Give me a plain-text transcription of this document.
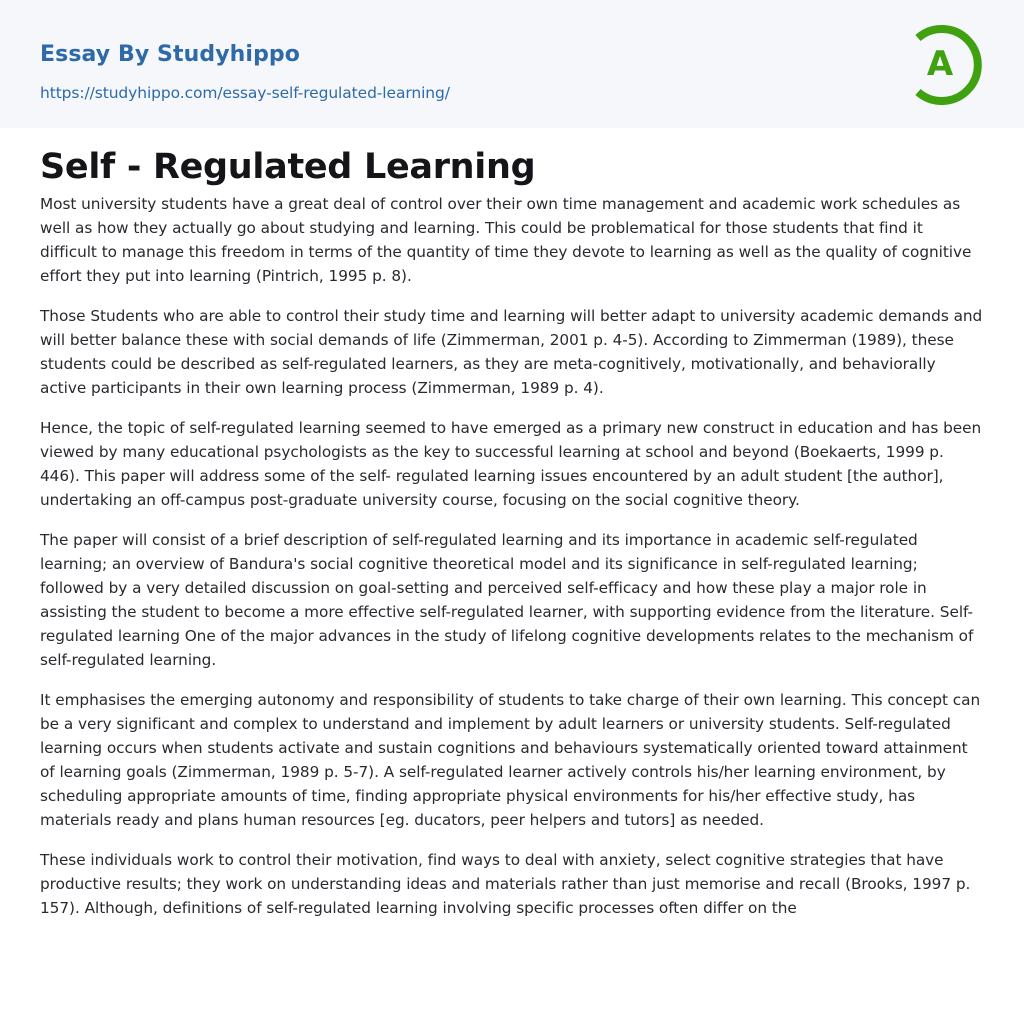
Essay By Studyhippo
https://studyhippo.com/essay-self-regulated-learning/
A
Self - Regulated Learning

Most university students have a great deal of control over their own time management and academic work schedules as well as how they actually go about studying and learning. This could be problematical for those students that find it difficult to manage this freedom in terms of the quantity of time they devote to learning as well as the quality of cognitive effort they put into learning (Pintrich, 1995 p. 8).

Those Students who are able to control their study time and learning will better adapt to university academic demands and will better balance these with social demands of life (Zimmerman, 2001 p. 4-5). According to Zimmerman (1989), these students could be described as self-regulated learners, as they are meta-cognitively, motivationally, and behaviorally active participants in their own learning process (Zimmerman, 1989 p. 4).

Hence, the topic of self-regulated learning seemed to have emerged as a primary new construct in education and has been viewed by many educational psychologists as the key to successful learning at school and beyond (Boekaerts, 1999 p. 446). This paper will address some of the self- regulated learning issues encountered by an adult student [the author], undertaking an off-campus post-graduate university course, focusing on the social cognitive theory.

The paper will consist of a brief description of self-regulated learning and its importance in academic self-regulated learning; an overview of Bandura's social cognitive theoretical model and its significance in self-regulated learning; followed by a very detailed discussion on goal-setting and perceived self-efficacy and how these play a major role in assisting the student to become a more effective self-regulated learner, with supporting evidence from the literature. Self- regulated learning One of the major advances in the study of lifelong cognitive developments relates to the mechanism of self-regulated learning.

It emphasises the emerging autonomy and responsibility of students to take charge of their own learning. This concept can be a very significant and complex to understand and implement by adult learners or university students. Self-regulated learning occurs when students activate and sustain cognitions and behaviours systematically oriented toward attainment of learning goals (Zimmerman, 1989 p. 5-7). A self-regulated learner actively controls his/her learning environment, by scheduling appropriate amounts of time, finding appropriate physical environments for his/her effective study, has materials ready and plans human resources [eg. ducators, peer helpers and tutors] as needed.

These individuals work to control their motivation, find ways to deal with anxiety, select cognitive strategies that have productive results; they work on understanding ideas and materials rather than just memorise and recall (Brooks, 1997 p. 157). Although, definitions of self-regulated learning involving specific processes often differ on the
